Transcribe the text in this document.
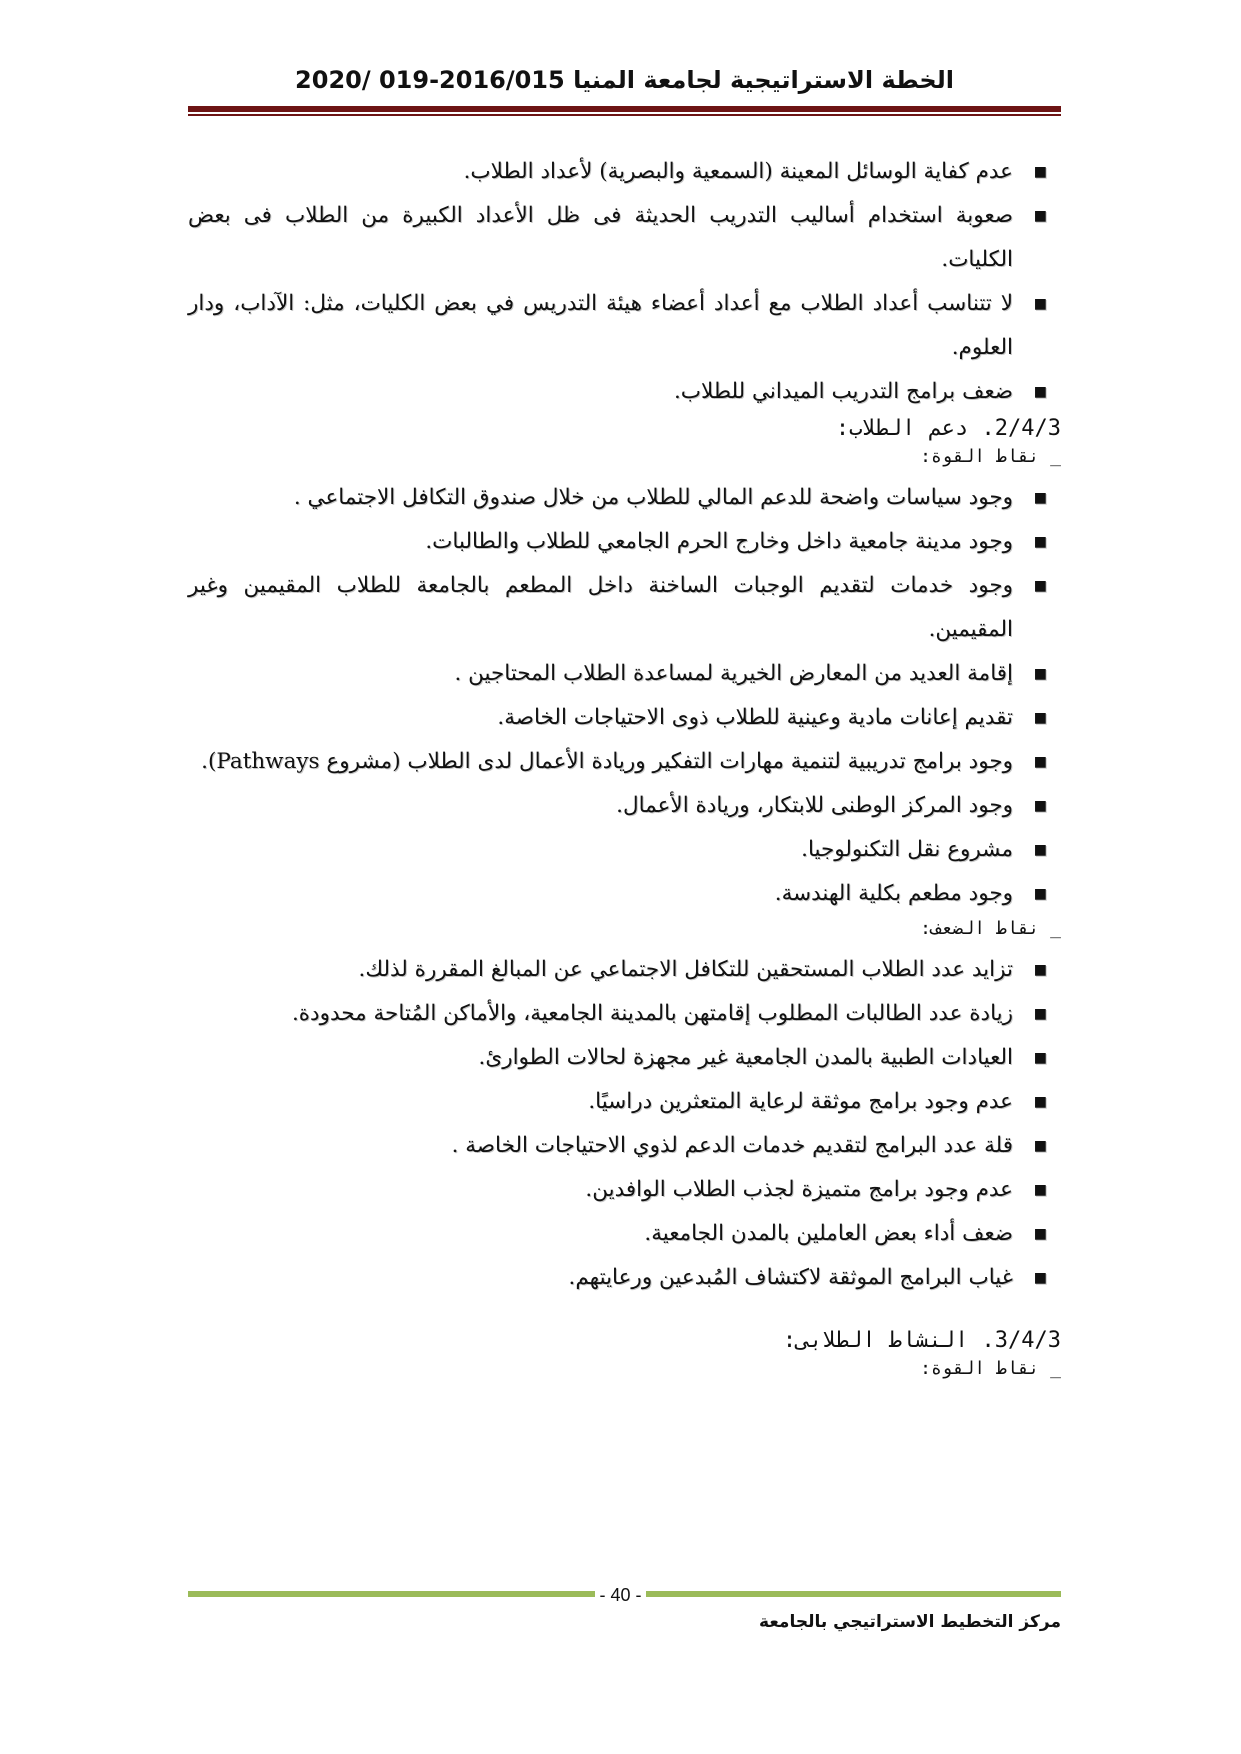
الخطة الاستراتيجية لجامعة المنيا 2016/015-019 /2020
■
عدم كفاية الوسائل المعينة (السمعية والبصرية) لأعداد الطلاب.
■
صعوبة استخدام أساليب التدريب الحديثة فى ظل الأعداد الكبيرة من الطلاب فى بعض الكليات.
■
لا تتناسب أعداد الطلاب مع أعداد أعضاء هيئة التدريس في بعض الكليات، مثل: الآداب، ودار العلوم.
■
ضعف برامج التدريب الميداني للطلاب.

2/4/3. دعم الطلاب:

_ نقاط القوة:

■
وجود سياسات واضحة للدعم المالي للطلاب من خلال صندوق التكافل الاجتماعي .
■
وجود مدينة جامعية داخل وخارج الحرم الجامعي للطلاب والطالبات.
■
وجود خدمات لتقديم الوجبات الساخنة داخل المطعم بالجامعة للطلاب المقيمين وغير المقيمين.
■
إقامة العديد من المعارض الخيرية لمساعدة الطلاب المحتاجين .
■
تقديم إعانات مادية وعينية للطلاب ذوى الاحتياجات الخاصة.
■
وجود برامج تدريبية لتنمية مهارات التفكير وريادة الأعمال لدى الطلاب (مشروع Pathways).
■
وجود المركز الوطنى للابتكار، وريادة الأعمال.
■
مشروع نقل التكنولوجيا.
■
وجود مطعم بكلية الهندسة.

_ نقاط الضعف:

■
تزايد عدد الطلاب المستحقين للتكافل الاجتماعي عن المبالغ المقررة لذلك.
■
زيادة عدد الطالبات المطلوب إقامتهن بالمدينة الجامعية، والأماكن المُتاحة محدودة.
■
العيادات الطبية بالمدن الجامعية غير مجهزة لحالات الطوارئ.
■
عدم وجود برامج موثقة لرعاية المتعثرين دراسيًا.
■
قلة عدد البرامج لتقديم خدمات الدعم لذوي الاحتياجات الخاصة .
■
عدم وجود برامج متميزة لجذب الطلاب الوافدين.
■
ضعف أداء بعض العاملين بالمدن الجامعية.
■
غياب البرامج الموثقة لاكتشاف المُبدعين ورعايتهم.

3/4/3. النشاط الطلابى:

_ نقاط القوة:

- 40 -
مركز التخطيط الاستراتيجي بالجامعة
